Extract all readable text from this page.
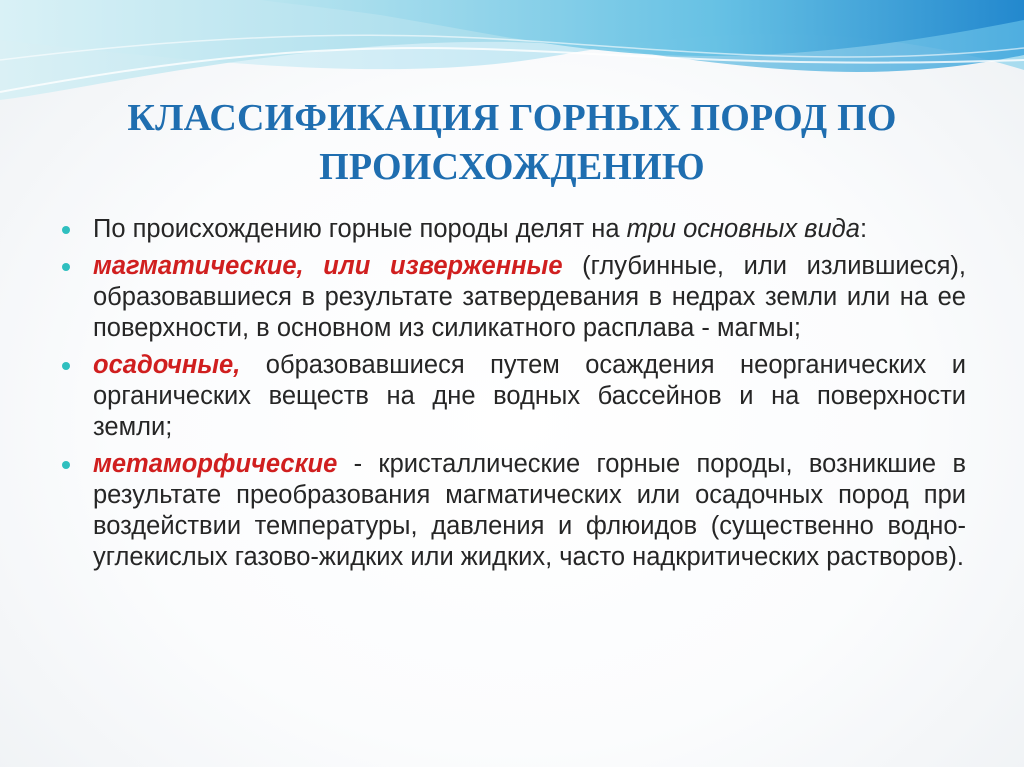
КЛАССИФИКАЦИЯ ГОРНЫХ ПОРОД ПО
ПРОИСХОЖДЕНИЮ
По происхождению горные породы делят на три основных вида:
магматические, или изверженные (глубинные, или излившиеся), образовавшиеся в результате затвердевания в недрах земли или на ее поверхности, в основном из силикатного расплава - магмы;
осадочные, образовавшиеся путем осаждения неорганических и органических веществ на дне водных бассейнов и на поверхности земли;
метаморфические - кристаллические горные породы, возникшие в результате преобразования магматических или осадочных пород при воздействии температуры, давления и флюидов (существенно водно-углекислых газово-жидких или жидких, часто надкритических растворов).
